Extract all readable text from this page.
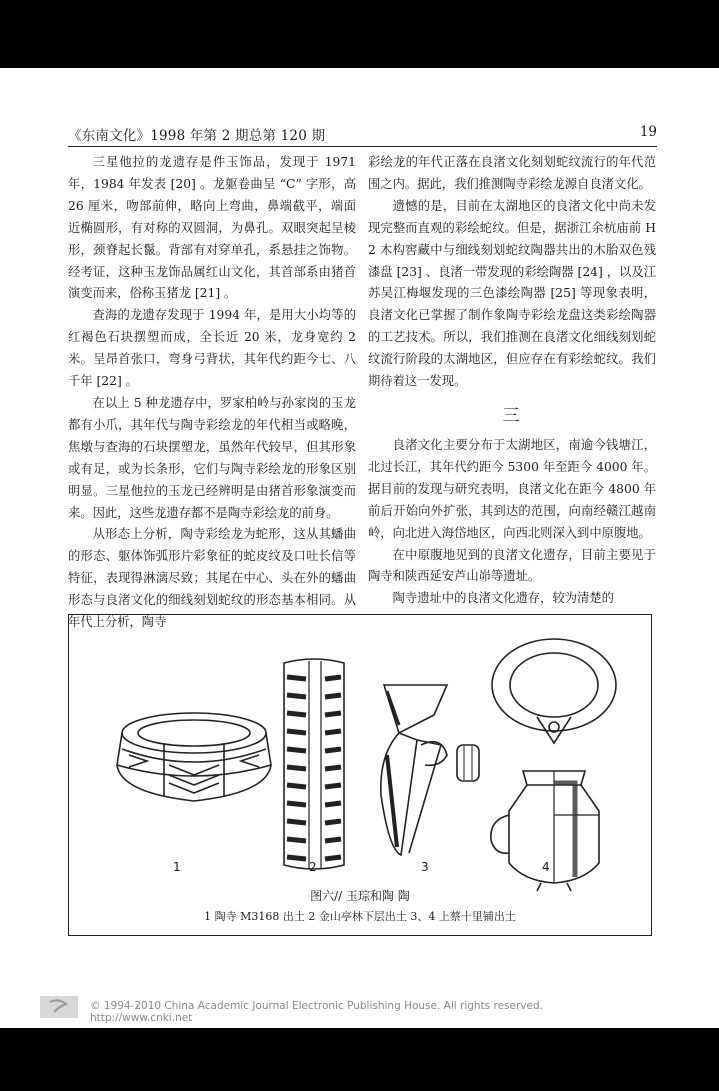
《东南文化》1998 年第 2 期总第 120 期	19

三星他拉的龙遗存是件玉饰品，发现于 1971 年，1984 年发表 [20] 。龙躯卷曲呈 “C” 字形，高 26 厘米，吻部前伸，略向上弯曲，鼻端截平，端面近椭圆形，有对称的双圆洞，为鼻孔。双眼突起呈棱形，颈脊起长鬣。背部有对穿单孔，系悬挂之饰物。经考证，这种玉龙饰品属红山文化，其首部系由猪首演变而来，俗称玉猪龙 [21] 。

查海的龙遗存发现于 1994 年，是用大小均等的红褐色石块摆塑而成，全长近 20 米，龙身宽约 2 米。呈昂首张口，弯身弓背状，其年代约距今七、八千年 [22] 。

在以上 5 种龙遗存中，罗家柏岭与孙家岗的玉龙都有小爪，其年代与陶寺彩绘龙的年代相当或略晚，焦墩与查海的石块摆塑龙，虽然年代较早，但其形象或有足，或为长条形，它们与陶寺彩绘龙的形象区别明显。三星他拉的玉龙已经辨明是由猪首形象演变而来。因此，这些龙遗存都不是陶寺彩绘龙的前身。

从形态上分析，陶寺彩绘龙为蛇形，这从其蟠曲的形态、躯体饰弧形片彩象征的蛇皮纹及口吐长信等特征，表现得淋漓尽致；其尾在中心、头在外的蟠曲形态与良渚文化的细线刻划蛇纹的形态基本相同。从年代上分析，陶寺

彩绘龙的年代正落在良渚文化刻划蛇纹流行的年代范围之内。据此，我们推测陶寺彩绘龙源自良渚文化。

遗憾的是，目前在太湖地区的良渚文化中尚未发现完整而直观的彩绘蛇纹。但是，据浙江余杭庙前 H2 木构窖藏中与细线刻划蛇纹陶器共出的木胎双色残漆盘 [23] 、良渚一带发现的彩绘陶器 [24] ，以及江苏吴江梅堰发现的三色漆绘陶器 [25] 等现象表明，良渚文化已掌握了制作象陶寺彩绘龙盘这类彩绘陶器的工艺技术。所以，我们推测在良渚文化细线刻划蛇纹流行阶段的太湖地区，但应存在有彩绘蛇纹。我们期待着这一发现。

三

良渚文化主要分布于太湖地区，南逾今钱塘江，北过长江，其年代约距今 5300 年至距今 4000 年。据目前的发现与研究表明，良渚文化在距今 4800 年前后开始向外扩张，其到达的范围，向南经赣江越南岭，向北进入海岱地区，向西北则深入到中原腹地。

在中原腹地见到的良渚文化遗存，目前主要见于陶寺和陕西延安芦山峁等遗址。

陶寺遗址中的良渚文化遗存，较为清楚的

1	2	3	4
图六// 玉琮和陶 陶
1 陶寺 M3168 出土 2 金山亭林下层出土 3、4 上蔡十里铺出土
© 1994-2010 China Academic Journal Electronic Publishing House. All rights reserved. http://www.cnki.net
